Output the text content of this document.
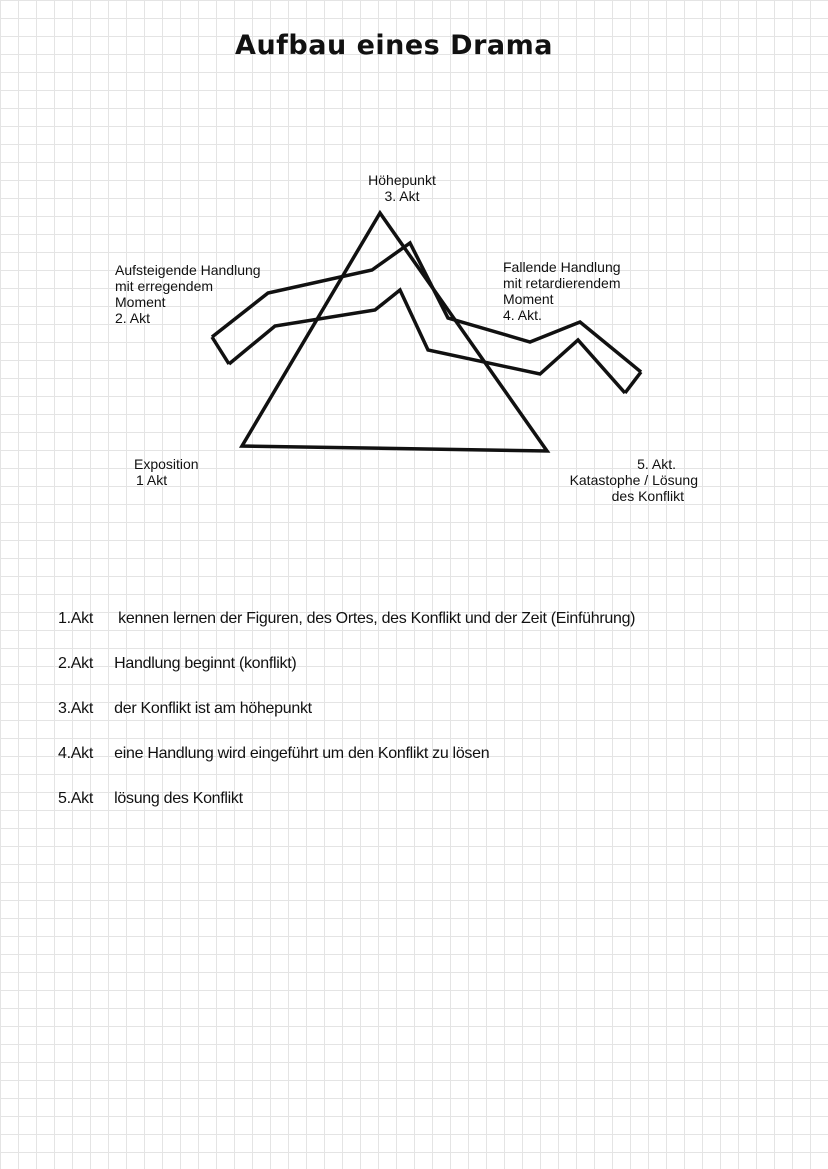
Aufbau eines Drama
Höhepunkt
3. Akt
Aufsteigende Handlung
mit erregendem
Moment
2. Akt
Fallende Handlung
mit retardierendem
Moment
4. Akt.
Exposition
1 Akt
5. Akt.
Katastophe / Lösung
des Konflikt
1.Akt kennen lernen der Figuren, des Ortes, des Konflikt und der Zeit (Einführung)
2.Akt Handlung beginnt (konflikt)
3.Akt der Konflikt ist am höhepunkt
4.Akt eine Handlung wird eingeführt um den Konflikt zu lösen
5.Akt lösung des Konflikt
